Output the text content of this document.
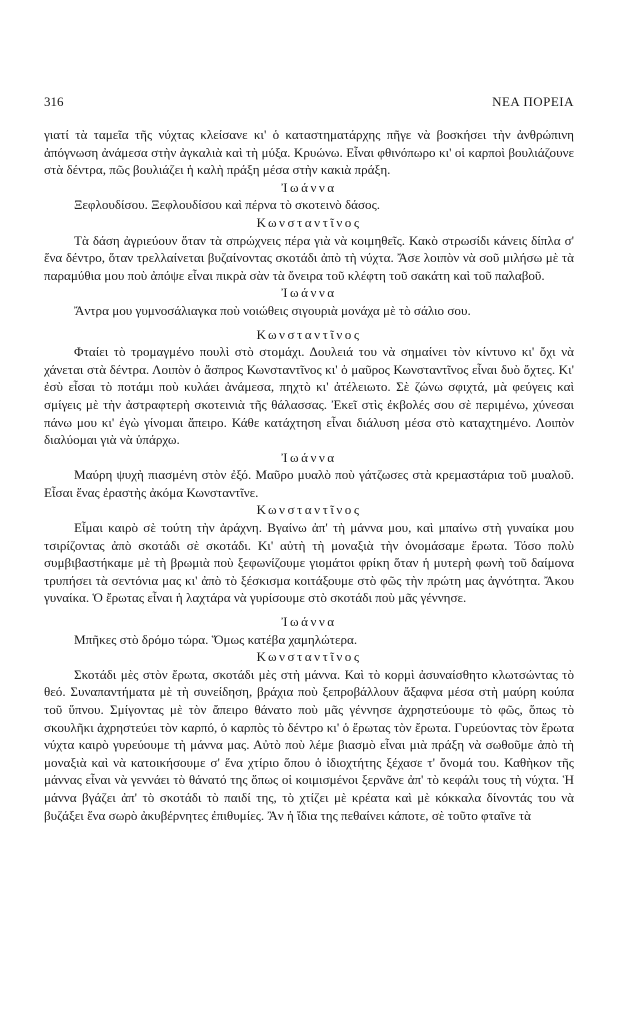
316	ΝΕΑ ΠΟΡΕΙΑ

γιατί τὰ ταμεῖα τῆς νύχτας κλείσανε κι' ὁ καταστηματάρχης πῆγε νὰ βοσκήσει τὴν ἀνθρώπινη ἀπόγνωση ἀνάμεσα στὴν ἀγκαλιὰ καὶ τὴ μύξα. Κρυώνω. Εἶναι φθινόπωρο κι' οἱ καρποὶ βουλιάζουνε στὰ δέντρα, πῶς βουλιάζει ἡ καλὴ πράξη μέσα στὴν κακιὰ πράξη.

Ἰωάννα

Ξεφλουδίσου. Ξεφλουδίσου καὶ πέρνα τὸ σκοτεινὸ δάσος.

Κωνσταντῖνος

Τὰ δάση ἀγριεύουν ὅταν τὰ σπρώχνεις πέρα γιὰ νὰ κοιμηθεῖς. Κακὸ στρωσίδι κάνεις δίπλα σ' ἕνα δέντρο, ὅταν τρελλαίνεται βυζαίνοντας σκοτάδι ἀπὸ τὴ νύχτα. Ἄσε λοιπὸν νὰ σοῦ μιλήσω μὲ τὰ παραμύθια μου ποὺ ἀπόψε εἶναι πικρὰ σὰν τὰ ὄνειρα τοῦ κλέφτη τοῦ σακάτη καὶ τοῦ παλαβοῦ.

Ἰωάννα

Ἄντρα μου γυμνοσάλιαγκα ποὺ νοιώθεις σιγουριὰ μονάχα μὲ τὸ σάλιο σου.

Κωνσταντῖνος

Φταίει τὸ τρομαγμένο πουλὶ στὸ στομάχι. Δουλειά του νὰ σημαίνει τὸν κίντυνο κι' ὄχι νὰ χάνεται στὰ δέντρα. Λοιπὸν ὁ ἄσπρος Κωνσταντῖνος κι' ὁ μαῦρος Κωνσταντῖνος εἶναι δυὸ ὄχτες. Κι' ἐσὺ εἶσαι τὸ ποτάμι ποὺ κυλάει ἀνάμεσα, πηχτὸ κι' ἀτέλειωτο. Σὲ ζώνω σφιχτά, μὰ φεύγεις καὶ σμίγεις μὲ τὴν ἀστραφτερὴ σκοτεινιὰ τῆς θάλασσας. Ἐκεῖ στὶς ἐκβολές σου σὲ περιμένω, χύνεσαι πάνω μου κι' ἐγὼ γίνομαι ἄπειρο. Κάθε κατάχτηση εἶναι διάλυση μέσα στὸ καταχτημένο. Λοιπὸν διαλύομαι γιὰ νὰ ὑπάρχω.

Ἰωάννα

Μαύρη ψυχὴ πιασμένη στὸν ἐξό. Μαῦρο μυαλὸ ποὺ γάτζωσες στὰ κρεμαστάρια τοῦ μυαλοῦ. Εἶσαι ἕνας ἐραστὴς ἀκόμα Κωνσταντῖνε.

Κωνσταντῖνος

Εἶμαι καιρὸ σὲ τούτη τὴν ἀράχνη. Βγαίνω ἀπ' τὴ μάννα μου, καὶ μπαίνω στὴ γυναίκα μου τσιρίζοντας ἀπὸ σκοτάδι σὲ σκοτάδι. Κι' αὐτὴ τὴ μοναξιὰ τὴν ὀνομάσαμε ἔρωτα. Τόσο πολὺ συμβιβαστήκαμε μὲ τὴ βρωμιὰ ποὺ ξεφωνίζουμε γιομάτοι φρίκη ὅταν ἡ μυτερὴ φωνὴ τοῦ δαίμονα τρυπήσει τὰ σεντόνια μας κι' ἀπὸ τὸ ξέσκισμα κοιτάξουμε στὸ φῶς τὴν πρώτη μας ἀγνότητα. Ἄκου γυναίκα. Ὁ ἔρωτας εἶναι ἡ λαχτάρα νὰ γυρίσουμε στὸ σκοτάδι ποὺ μᾶς γέννησε.

Ἰωάννα

Μπῆκες στὸ δρόμο τώρα. Ὅμως κατέβα χαμηλώτερα.

Κωνσταντῖνος

Σκοτάδι μὲς στὸν ἔρωτα, σκοτάδι μὲς στὴ μάννα. Καὶ τὸ κορμὶ ἀσυναίσθητο κλωτσώντας τὸ θεό. Συναπαντήματα μὲ τὴ συνείδηση, βράχια ποὺ ξεπροβάλλουν ἄξαφνα μέσα στὴ μαύρη κούπα τοῦ ὕπνου. Σμίγοντας μὲ τὸν ἄπειρο θάνατο ποὺ μᾶς γέννησε ἀχρηστεύουμε τὸ φῶς, ὅπως τὸ σκουλῆκι ἀχρηστεύει τὸν καρπό, ὁ καρπὸς τὸ δέντρο κι' ὁ ἔρωτας τὸν ἔρωτα. Γυρεύοντας τὸν ἔρωτα νύχτα καιρὸ γυρεύουμε τὴ μάννα μας. Αὐτὸ ποὺ λέμε βιασμὸ εἶναι μιὰ πράξη νὰ σωθοῦμε ἀπὸ τὴ μοναξιὰ καὶ νὰ κατοικήσουμε σ' ἕνα χτίριο ὅπου ὁ ἰδιοχτήτης ξέχασε τ' ὄνομά του. Καθὴκον τῆς μάννας εἶναι νὰ γεννάει τὸ θάνατό της ὅπως οἱ κοιμισμένοι ξερνᾶνε ἀπ' τὸ κεφάλι τους τὴ νύχτα. Ἡ μάννα βγάζει ἀπ' τὸ σκοτάδι τὸ παιδί της, τὸ χτίζει μὲ κρέατα καὶ μὲ κόκκαλα δίνοντάς του νὰ βυζάξει ἕνα σωρὸ ἀκυβέρνητες ἐπιθυμίες. Ἂν ἡ ἴδια της πεθαίνει κάποτε, σὲ τοῦτο φταῖνε τὰ
